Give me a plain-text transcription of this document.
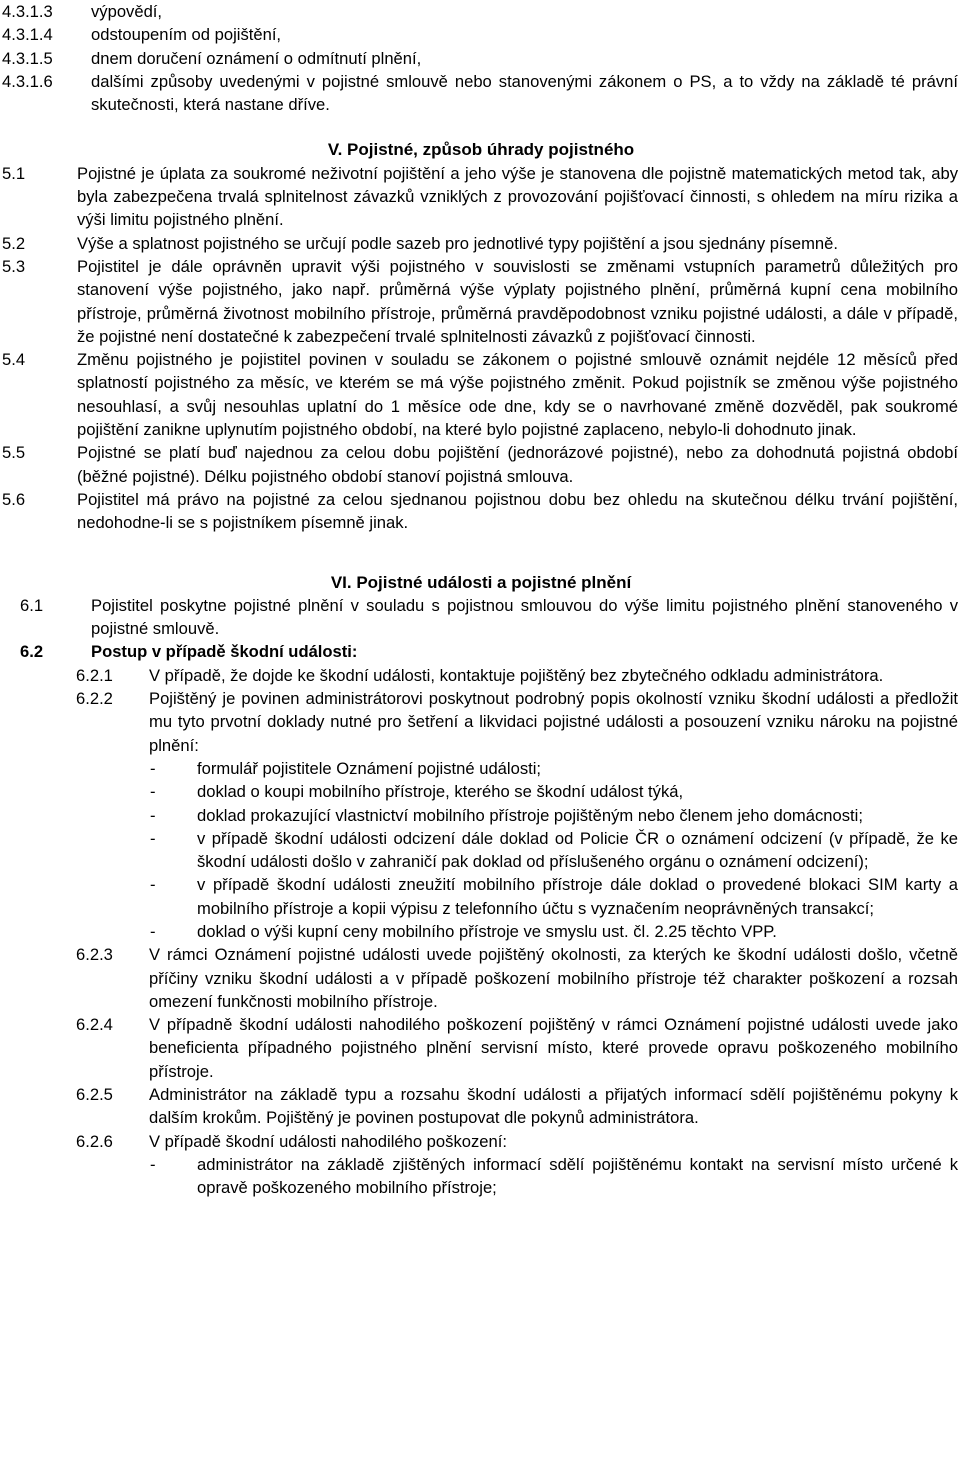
4.3.1.3	výpovědí,
4.3.1.4	odstoupením od pojištění,
4.3.1.5	dnem doručení oznámení o odmítnutí plnění,
4.3.1.6	dalšími způsoby uvedenými v pojistné smlouvě nebo stanovenými zákonem o PS, a to vždy na základě té právní skutečnosti, která nastane dříve.
V. Pojistné, způsob úhrady pojistného
5.1	Pojistné je úplata za soukromé neživotní pojištění a jeho výše je stanovena dle pojistně matematických metod tak, aby byla zabezpečena trvalá splnitelnost závazků vzniklých z provozování pojišťovací činnosti, s ohledem na míru rizika a výši limitu pojistného plnění.
5.2	Výše a splatnost pojistného se určují podle sazeb pro jednotlivé typy pojištění a jsou sjednány písemně.
5.3	Pojistitel je dále oprávněn upravit výši pojistného v souvislosti se změnami vstupních parametrů důležitých pro stanovení výše pojistného, jako např. průměrná výše výplaty pojistného plnění, průměrná kupní cena mobilního přístroje, průměrná životnost mobilního přístroje, průměrná pravděpodobnost vzniku pojistné události, a dále v případě, že pojistné není dostatečné k zabezpečení trvalé splnitelnosti závazků z pojišťovací činnosti.
5.4	Změnu pojistného je pojistitel povinen v souladu se zákonem o pojistné smlouvě oznámit nejdéle 12 měsíců před splatností pojistného za měsíc, ve kterém se má výše pojistného změnit. Pokud pojistník se změnou výše pojistného nesouhlasí, a svůj nesouhlas uplatní do 1 měsíce ode dne, kdy se o navrhované změně dozvěděl, pak soukromé pojištění zanikne uplynutím pojistného období, na které bylo pojistné zaplaceno, nebylo-li dohodnuto jinak.
5.5	Pojistné se platí buď najednou za celou dobu pojištění (jednorázové pojistné), nebo za dohodnutá pojistná období (běžné pojistné). Délku pojistného období stanoví pojistná smlouva.
5.6	Pojistitel má právo na pojistné za celou sjednanou pojistnou dobu bez ohledu na skutečnou délku trvání pojištění, nedohodne-li se s pojistníkem písemně jinak.
VI. Pojistné události a pojistné plnění
6.1	Pojistitel poskytne pojistné plnění v souladu s pojistnou smlouvou do výše limitu pojistného plnění stanoveného v pojistné smlouvě.
6.2	Postup v případě škodní události:
6.2.1	V případě, že dojde ke škodní události, kontaktuje pojištěný bez zbytečného odkladu administrátora.
6.2.2	Pojištěný je povinen administrátorovi poskytnout podrobný popis okolností vzniku škodní události a předložit mu tyto prvotní doklady nutné pro šetření a likvidaci pojistné události a posouzení vzniku nároku na pojistné plnění:
-	formulář pojistitele Oznámení pojistné události;
-	doklad o koupi mobilního přístroje, kterého se škodní událost týká,
-	doklad prokazující vlastnictví mobilního přístroje pojištěným nebo členem jeho domácnosti;
-	v případě škodní události odcizení dále doklad od Policie ČR o oznámení odcizení (v případě, že ke škodní události došlo v zahraničí pak doklad od příslušeného orgánu o oznámení odcizení);
-	v případě škodní události zneužití mobilního přístroje dále doklad o provedené blokaci SIM karty a mobilního přístroje a kopii výpisu z telefonního účtu s vyznačením neoprávněných transakcí;
-	doklad o výši kupní ceny mobilního přístroje ve smyslu ust. čl. 2.25 těchto VPP.
6.2.3	V rámci Oznámení pojistné události uvede pojištěný okolnosti, za kterých ke škodní události došlo, včetně příčiny vzniku škodní události a v případě poškození mobilního přístroje též charakter poškození a rozsah omezení funkčnosti mobilního přístroje.
6.2.4	V případně škodní události nahodilého poškození pojištěný v rámci Oznámení pojistné události uvede jako beneficienta případného pojistného plnění servisní místo, které provede opravu poškozeného mobilního přístroje.
6.2.5	Administrátor na základě typu a rozsahu škodní události a přijatých informací sdělí pojištěnému pokyny k dalším krokům. Pojištěný je povinen postupovat dle pokynů administrátora.
6.2.6	V případě škodní události nahodilého poškození:
-	administrátor na základě zjištěných informací sdělí pojištěnému kontakt na servisní místo určené k opravě poškozeného mobilního přístroje;
